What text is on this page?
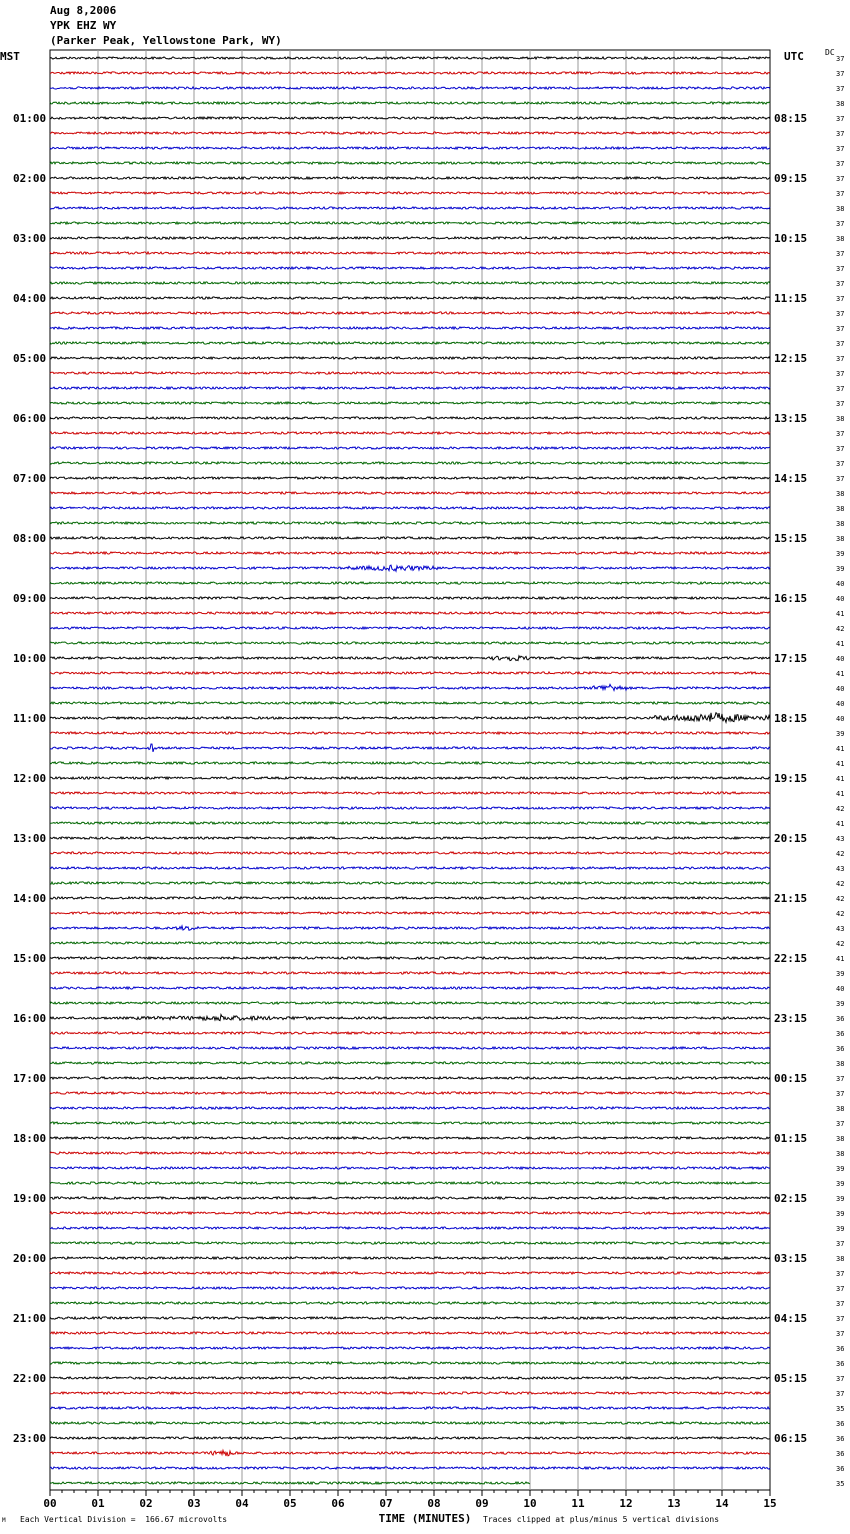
Aug 8,2006
YPK EHZ WY
(Parker Peak, Yellowstone Park, WY)
MST	UTC	DC
37
37
37
38
37
37
37
37
37
37
38
37
38
37
37
37
37
37
37
37
37
37
37
37
38
37
37
37
37
38
38
38
38
39
39
40
40
41
42
41
40
41
40
40
40
39
41
41
41
41
42
41
43
42
43
42
42
42
43
42
41
39
40
39
36
36
36
38
37
37
38
37
38
38
39
39
39
39
39
37
38
37
37
37
37
37
36
36
37
37
35
36
36
36
36
35
01:00
02:00
03:00
04:00
05:00
06:00
07:00
08:00
09:00
10:00
11:00
12:00
13:00
14:00
15:00
16:00
17:00
18:00
19:00
20:00
21:00
22:00
23:00
08:15
09:15
10:15
11:15
12:15
13:15
14:15
15:15
16:15
17:15
18:15
19:15
20:15
21:15
22:15
23:15
00:15
01:15
02:15
03:15
04:15
05:15
06:15
00	01	02	03	04	05	06	07	08	09	10	11	12	13	14	15
TIME (MINUTES)
Each Vertical Division =  166.67 microvolts	Traces clipped at plus/minus 5 vertical divisions
M
